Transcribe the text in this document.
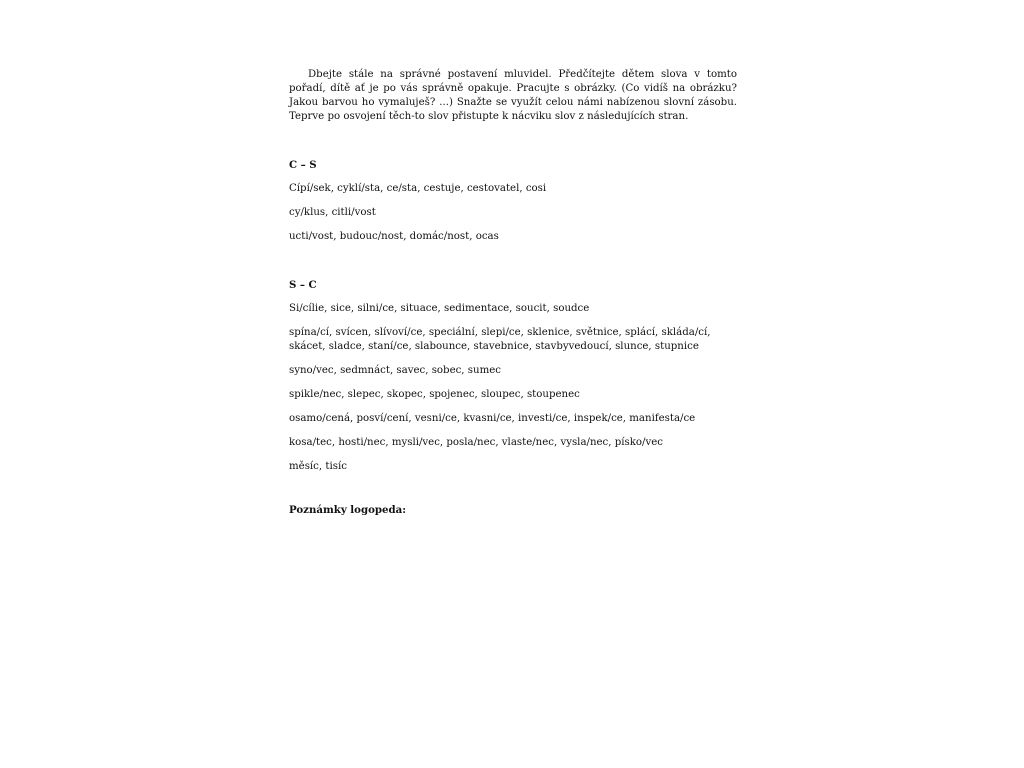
Dbejte stále na správné postavení mluvidel. Předčítejte dětem slova v tomto pořadí, dítě ať je po vás správně opakuje. Pracujte s obrázky. (Co vidíš na obrázku? Jakou barvou ho vymaluješ? ...) Snažte se využít celou námi nabízenou slovní zásobu. Teprve po osvojení těch-to slov přistupte k nácviku slov z následujících stran.

C – S

Cípí/sek, cyklí/sta, ce/sta, cestuje, cestovatel, cosi

cy/klus, citli/vost

ucti/vost, budouc/nost, domác/nost, ocas

S – C

Si/cílie, sice, silni/ce, situace, sedimentace, soucit, soudce

spína/cí, svícen, slívoví/ce, speciální, slepi/ce, sklenice, světnice, splácí, skláda/cí, skácet, sladce, staní/ce, slabounce, stavebnice, stavbyvedoucí, slunce, stupnice

syno/vec, sedmnáct, savec, sobec, sumec

spikle/nec, slepec, skopec, spojenec, sloupec, stoupenec

osamo/cená, posví/cení, vesni/ce, kvasni/ce, investi/ce, inspek/ce, manifesta/ce

kosa/tec, hosti/nec, mysli/vec, posla/nec, vlaste/nec, vysla/nec, písko/vec

měsíc, tisíc

Poznámky logopeda:
